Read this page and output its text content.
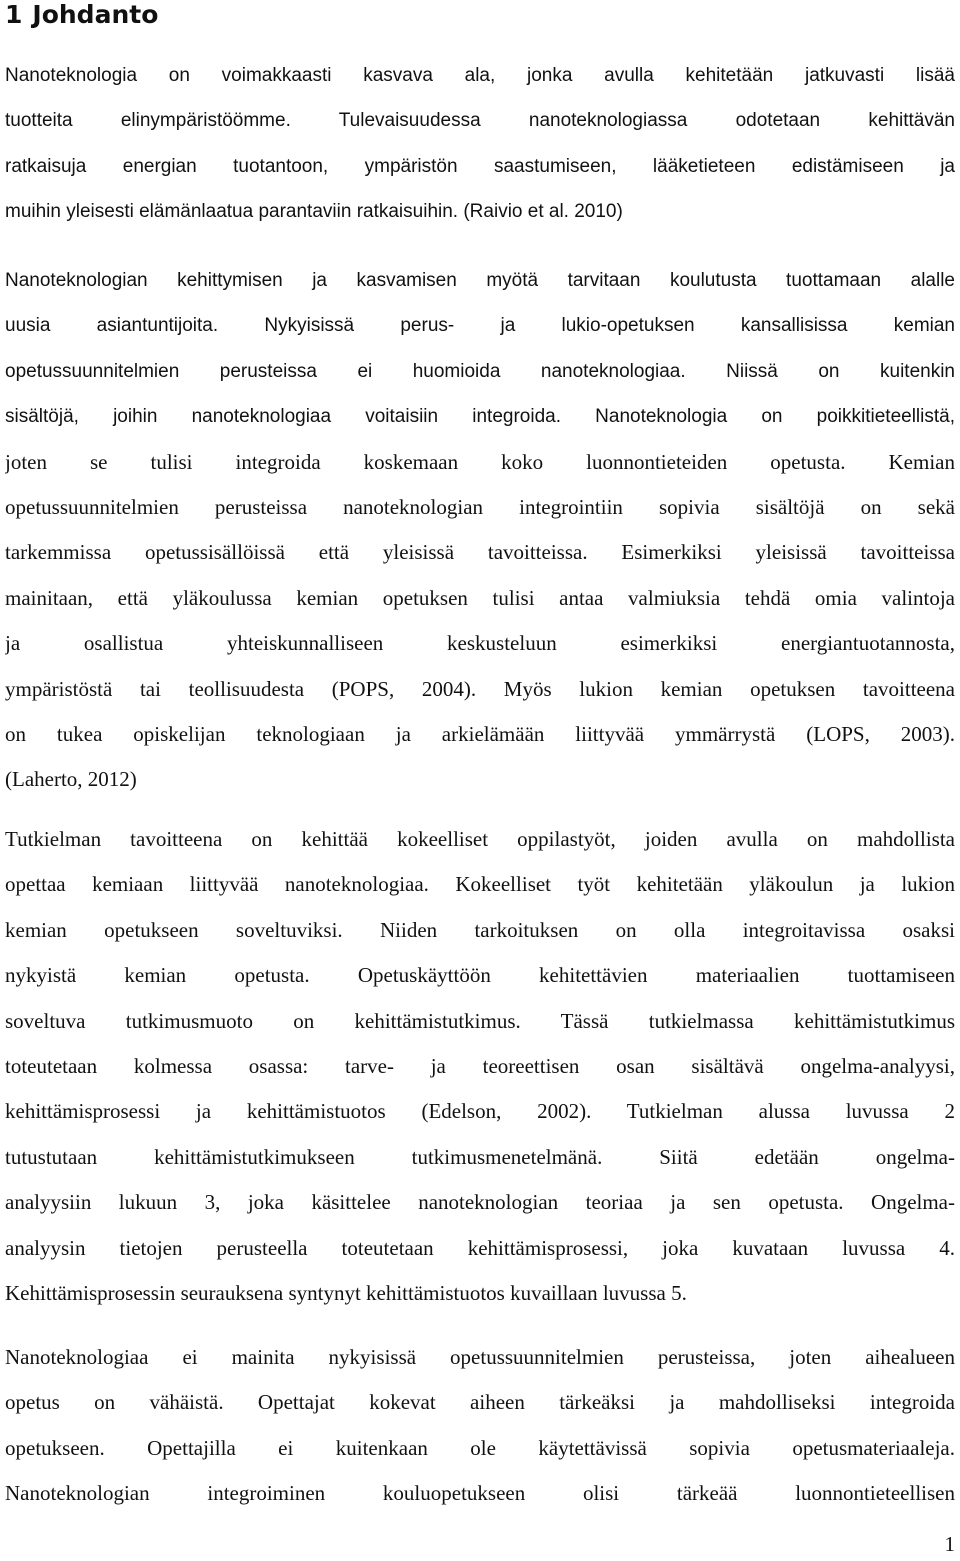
1 Johdanto
Nanoteknologia on voimakkaasti kasvava ala, jonka avulla kehitetään jatkuvasti lisää
tuotteita elinympäristöömme. Tulevaisuudessa nanoteknologiassa odotetaan kehittävän
ratkaisuja energian tuotantoon, ympäristön saastumiseen, lääketieteen edistämiseen ja
muihin yleisesti elämänlaatua parantaviin ratkaisuihin. (Raivio et al. 2010)
Nanoteknologian kehittymisen ja kasvamisen myötä tarvitaan koulutusta tuottamaan alalle
uusia asiantuntijoita. Nykyisissä perus- ja lukio-opetuksen kansallisissa kemian
opetussuunnitelmien perusteissa ei huomioida nanoteknologiaa. Niissä on kuitenkin
sisältöjä, joihin nanoteknologiaa voitaisiin integroida. Nanoteknologia on poikkitieteellistä,
joten se tulisi integroida koskemaan koko luonnontieteiden opetusta. Kemian
opetussuunnitelmien perusteissa nanoteknologian integrointiin sopivia sisältöjä on sekä
tarkemmissa opetussisällöissä että yleisissä tavoitteissa. Esimerkiksi yleisissä tavoitteissa
mainitaan, että yläkoulussa kemian opetuksen tulisi antaa valmiuksia tehdä omia valintoja
ja osallistua yhteiskunnalliseen keskusteluun esimerkiksi energiantuotannosta,
ympäristöstä tai teollisuudesta (POPS, 2004). Myös lukion kemian opetuksen tavoitteena
on tukea opiskelijan teknologiaan ja arkielämään liittyvää ymmärrystä (LOPS, 2003).
(Laherto, 2012)
Tutkielman tavoitteena on kehittää kokeelliset oppilastyöt, joiden avulla on mahdollista
opettaa kemiaan liittyvää nanoteknologiaa. Kokeelliset työt kehitetään yläkoulun ja lukion
kemian opetukseen soveltuviksi. Niiden tarkoituksen on olla integroitavissa osaksi
nykyistä kemian opetusta. Opetuskäyttöön kehitettävien materiaalien tuottamiseen
soveltuva tutkimusmuoto on kehittämistutkimus. Tässä tutkielmassa kehittämistutkimus
toteutetaan kolmessa osassa: tarve- ja teoreettisen osan sisältävä ongelma-analyysi,
kehittämisprosessi ja kehittämistuotos (Edelson, 2002). Tutkielman alussa luvussa 2
tutustutaan kehittämistutkimukseen tutkimusmenetelmänä. Siitä edetään ongelma-
analyysiin lukuun 3, joka käsittelee nanoteknologian teoriaa ja sen opetusta. Ongelma-
analyysin tietojen perusteella toteutetaan kehittämisprosessi, joka kuvataan luvussa 4.
Kehittämisprosessin seurauksena syntynyt kehittämistuotos kuvaillaan luvussa 5.
Nanoteknologiaa ei mainita nykyisissä opetussuunnitelmien perusteissa, joten aihealueen
opetus on vähäistä. Opettajat kokevat aiheen tärkeäksi ja mahdolliseksi integroida
opetukseen. Opettajilla ei kuitenkaan ole käytettävissä sopivia opetusmateriaaleja.
Nanoteknologian integroiminen kouluopetukseen olisi tärkeää luonnontieteellisen
1
